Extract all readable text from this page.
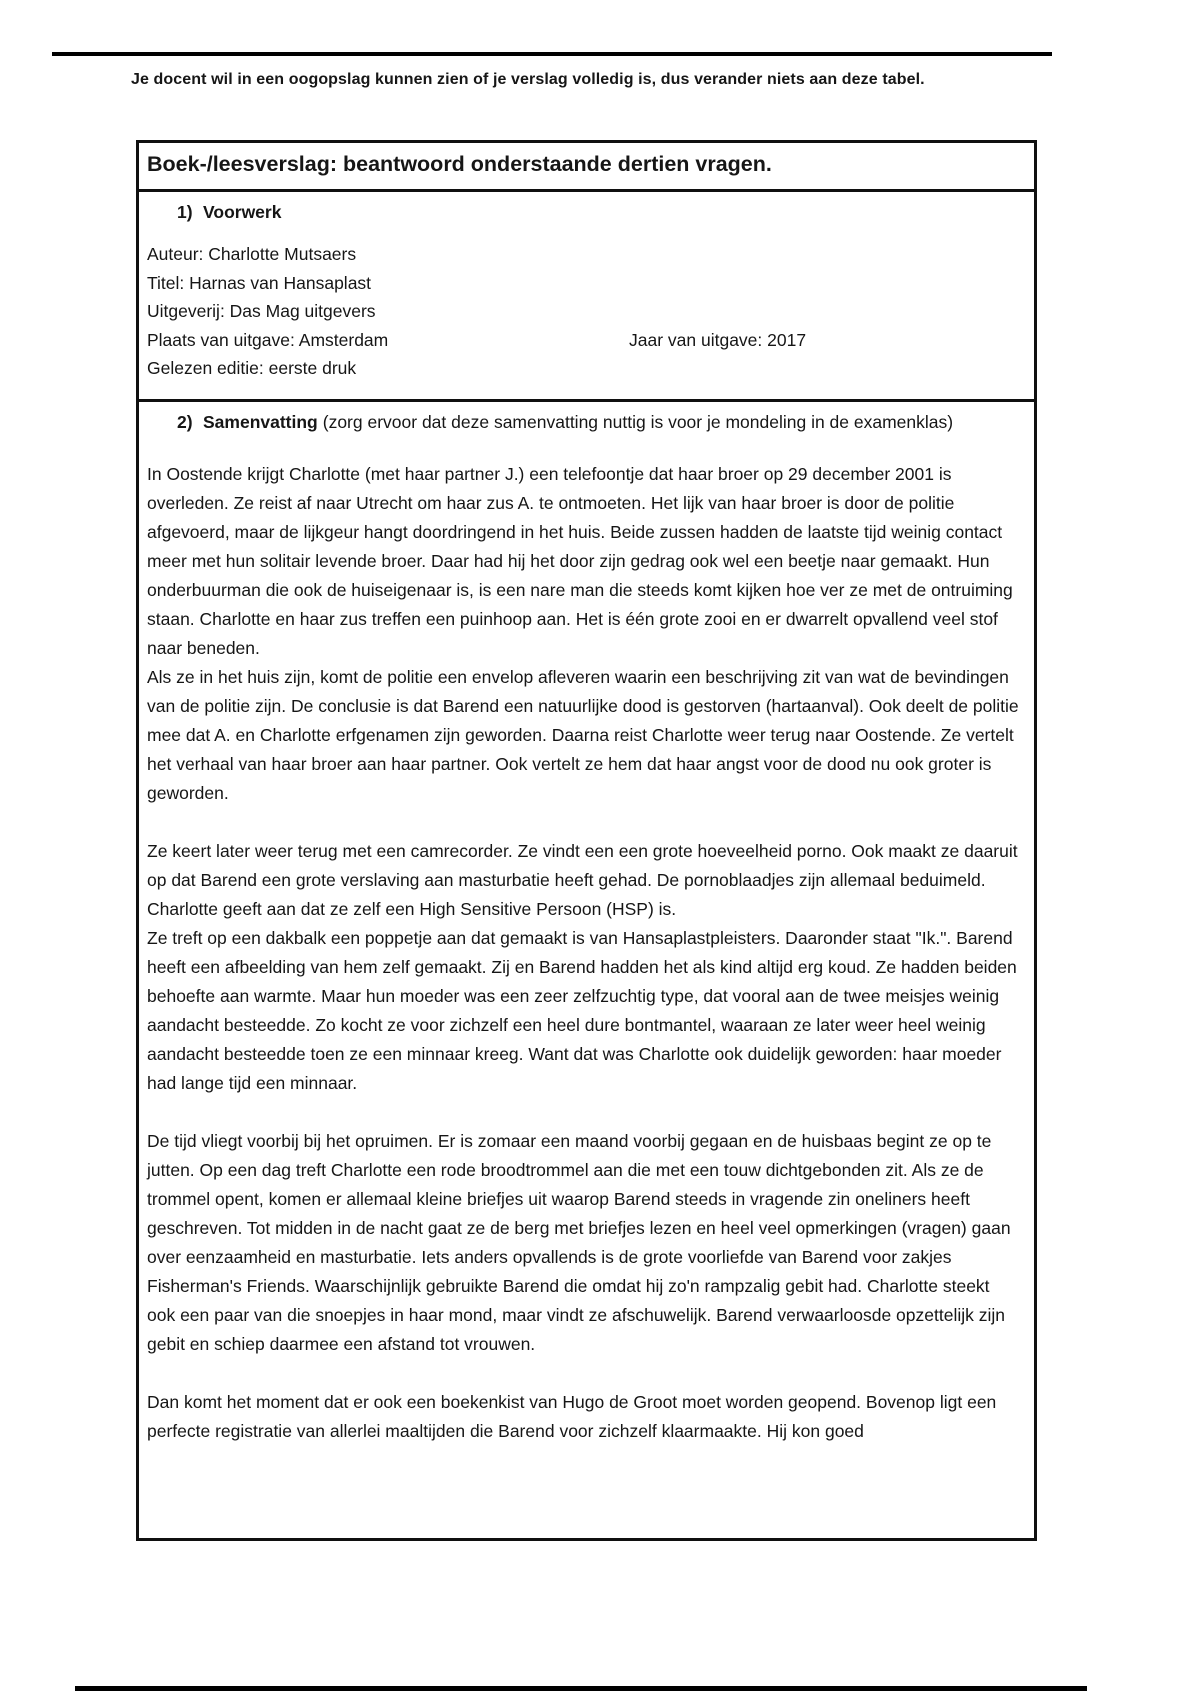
Je docent wil in een oogopslag kunnen zien of je verslag volledig is, dus verander niets aan deze tabel.
Boek-/leesverslag: beantwoord onderstaande dertien vragen.
1) Voorwerk

Auteur: Charlotte Mutsaers

Titel: Harnas van Hansaplast

Uitgeverij: Das Mag uitgevers

Plaats van uitgave: Amsterdam	Jaar van uitgave: 2017

Gelezen editie: eerste druk

2) Samenvatting (zorg ervoor dat deze samenvatting nuttig is voor je mondeling in de examenklas)

In Oostende krijgt Charlotte (met haar partner J.) een telefoontje dat haar broer op 29 december 2001 is overleden. Ze reist af naar Utrecht om haar zus A. te ontmoeten. Het lijk van haar broer is door de politie afgevoerd, maar de lijkgeur hangt doordringend in het huis. Beide zussen hadden de laatste tijd weinig contact meer met hun solitair levende broer. Daar had hij het door zijn gedrag ook wel een beetje naar gemaakt. Hun onderbuurman die ook de huiseigenaar is, is een nare man die steeds komt kijken hoe ver ze met de ontruiming staan. Charlotte en haar zus treffen een puinhoop aan. Het is één grote zooi en er dwarrelt opvallend veel stof naar beneden.

Als ze in het huis zijn, komt de politie een envelop afleveren waarin een beschrijving zit van wat de bevindingen van de politie zijn. De conclusie is dat Barend een natuurlijke dood is gestorven (hartaanval). Ook deelt de politie mee dat A. en Charlotte erfgenamen zijn geworden. Daarna reist Charlotte weer terug naar Oostende. Ze vertelt het verhaal van haar broer aan haar partner. Ook vertelt ze hem dat haar angst voor de dood nu ook groter is geworden.

Ze keert later weer terug met een camrecorder. Ze vindt een een grote hoeveelheid porno. Ook maakt ze daaruit op dat Barend een grote verslaving aan masturbatie heeft gehad. De pornoblaadjes zijn allemaal beduimeld. Charlotte geeft aan dat ze zelf een High Sensitive Persoon (HSP) is.

Ze treft op een dakbalk een poppetje aan dat gemaakt is van Hansaplastpleisters. Daaronder staat "Ik.". Barend heeft een afbeelding van hem zelf gemaakt. Zij en Barend hadden het als kind altijd erg koud. Ze hadden beiden behoefte aan warmte. Maar hun moeder was een zeer zelfzuchtig type, dat vooral aan de twee meisjes weinig aandacht besteedde. Zo kocht ze voor zichzelf een heel dure bontmantel, waaraan ze later weer heel weinig aandacht besteedde toen ze een minnaar kreeg. Want dat was Charlotte ook duidelijk geworden: haar moeder had lange tijd een minnaar.

De tijd vliegt voorbij bij het opruimen. Er is zomaar een maand voorbij gegaan en de huisbaas begint ze op te jutten. Op een dag treft Charlotte een rode broodtrommel aan die met een touw dichtgebonden zit. Als ze de trommel opent, komen er allemaal kleine briefjes uit waarop Barend steeds in vragende zin oneliners heeft geschreven. Tot midden in de nacht gaat ze de berg met briefjes lezen en heel veel opmerkingen (vragen) gaan over eenzaamheid en masturbatie. Iets anders opvallends is de grote voorliefde van Barend voor zakjes Fisherman's Friends. Waarschijnlijk gebruikte Barend die omdat hij zo'n rampzalig gebit had. Charlotte steekt ook een paar van die snoepjes in haar mond, maar vindt ze afschuwelijk. Barend verwaarloosde opzettelijk zijn gebit en schiep daarmee een afstand tot vrouwen.

Dan komt het moment dat er ook een boekenkist van Hugo de Groot moet worden geopend. Bovenop ligt een perfecte registratie van allerlei maaltijden die Barend voor zichzelf klaarmaakte. Hij kon goed
